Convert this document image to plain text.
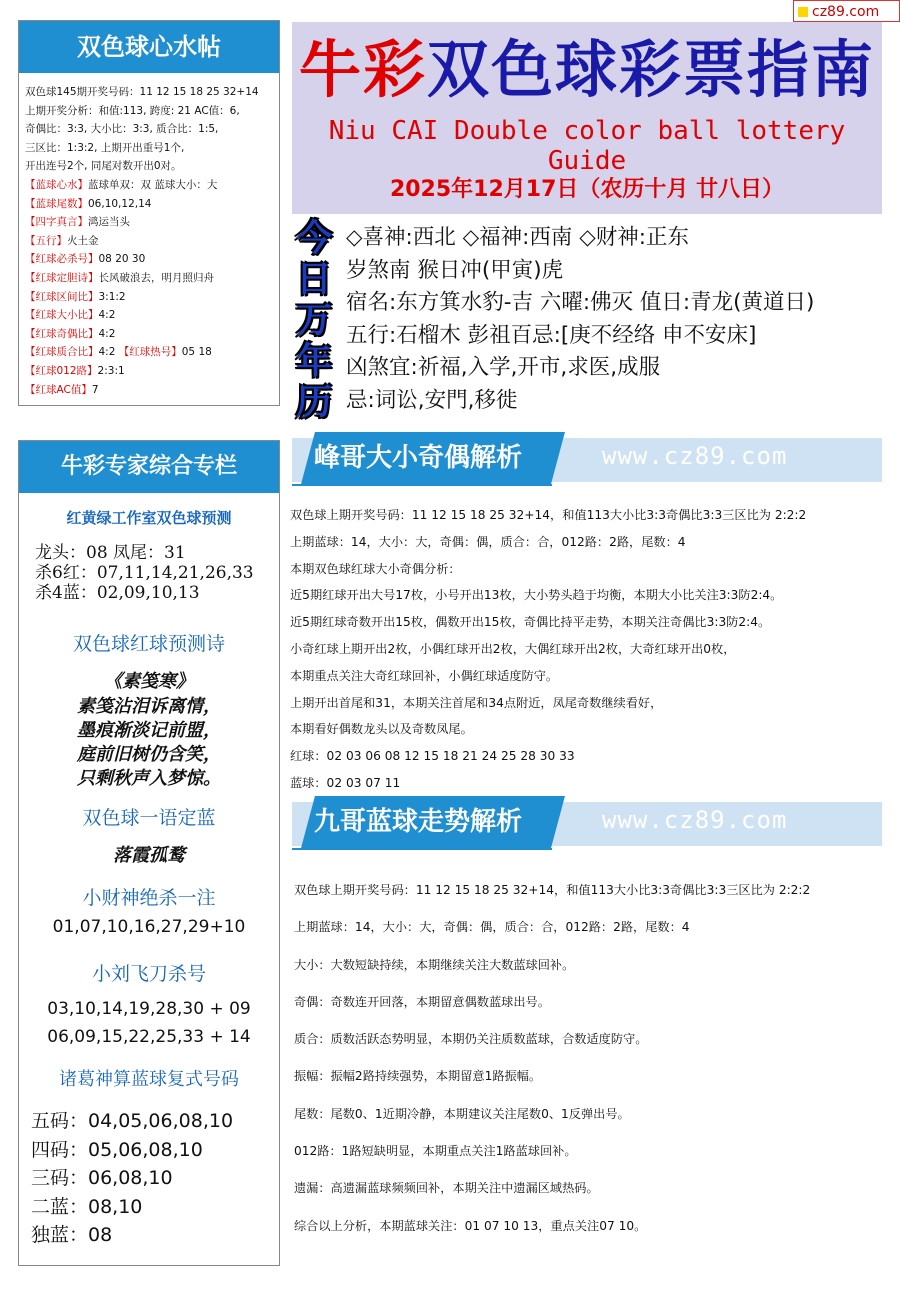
cz89.com
双色球心水帖
双色球145期开奖号码：11 12 15 18 25 32+14
上期开奖分析：和值:113, 跨度: 21 AC值：6,
奇偶比：3:3, 大小比：3:3, 质合比：1:5,
三区比：1:3:2, 上期开出重号1个,
开出连号2个, 同尾对数开出0对。
【蓝球心水】蓝球单双：双 蓝球大小：大
【蓝球尾数】06,10,12,14
【四字真言】鸿运当头
【五行】火土金
【红球必杀号】08 20 30
【红球定胆诗】长风破浪去，明月照归舟
【红球区间比】3:1:2
【红球大小比】4:2
【红球奇偶比】4:2
【红球质合比】4:2 【红球热号】05 18
【红球012路】2:3:1
【红球AC值】7
牛彩专家综合专栏
红黄绿工作室双色球预测
龙头：08 凤尾：31
杀6红：07,11,14,21,26,33
杀4蓝：02,09,10,13
双色球红球预测诗
《素笺寒》
素笺沾泪诉离情，
墨痕渐淡记前盟，
庭前旧树仍含笑，
只剩秋声入梦惊。
双色球一语定蓝
落霞孤鹜
小财神绝杀一注
01,07,10,16,27,29+10
小刘飞刀杀号
03,10,14,19,28,30 + 09
06,09,15,22,25,33 + 14
诸葛神算蓝球复式号码
五码：04,05,06,08,10
四码：05,06,08,10
三码：06,08,10
二蓝：08,10
独蓝：08
牛彩双色球彩票指南
Niu CAI Double color ball lottery Guide
2025年12月17日（农历十月 廿八日）
今
日
万
年
历
◇喜神:西北 ◇福神:西南 ◇财神:正东
岁煞南 猴日冲(甲寅)虎
宿名:东方箕水豹-吉 六曜:佛灭 值日:青龙(黄道日)
五行:石榴木 彭祖百忌:[庚不经络 申不安床]
凶煞宜:祈福,入学,开市,求医,成服
忌:词讼,安門,移徙
峰哥大小奇偶解析	www.cz89.com
双色球上期开奖号码：11 12 15 18 25 32+14，和值113大小比3:3奇偶比3:3三区比为 2:2:2
上期蓝球：14，大小：大，奇偶：偶，质合：合，012路：2路，尾数：4
本期双色球红球大小奇偶分析：
近5期红球开出大号17枚，小号开出13枚，大小势头趋于均衡，本期大小比关注3:3防2:4。
近5期红球奇数开出15枚，偶数开出15枚，奇偶比持平走势，本期关注奇偶比3:3防2:4。
小奇红球上期开出2枚，小偶红球开出2枚，大偶红球开出2枚，大奇红球开出0枚，
本期重点关注大奇红球回补，小偶红球适度防守。
上期开出首尾和31，本期关注首尾和34点附近，凤尾奇数继续看好，
本期看好偶数龙头以及奇数凤尾。
红球：02 03 06 08 12 15 18 21 24 25 28 30 33
蓝球：02 03 07 11
九哥蓝球走势解析	www.cz89.com
双色球上期开奖号码：11 12 15 18 25 32+14，和值113大小比3:3奇偶比3:3三区比为 2:2:2
上期蓝球：14，大小：大，奇偶：偶，质合：合，012路：2路，尾数：4
大小：大数短缺持续，本期继续关注大数蓝球回补。
奇偶：奇数连开回落，本期留意偶数蓝球出号。
质合：质数活跃态势明显，本期仍关注质数蓝球，合数适度防守。
振幅：振幅2路持续强势，本期留意1路振幅。
尾数：尾数0、1近期冷静，本期建议关注尾数0、1反弹出号。
012路：1路短缺明显，本期重点关注1路蓝球回补。
遗漏：高遗漏蓝球频频回补，本期关注中遗漏区域热码。
综合以上分析，本期蓝球关注：01 07 10 13，重点关注07 10。
